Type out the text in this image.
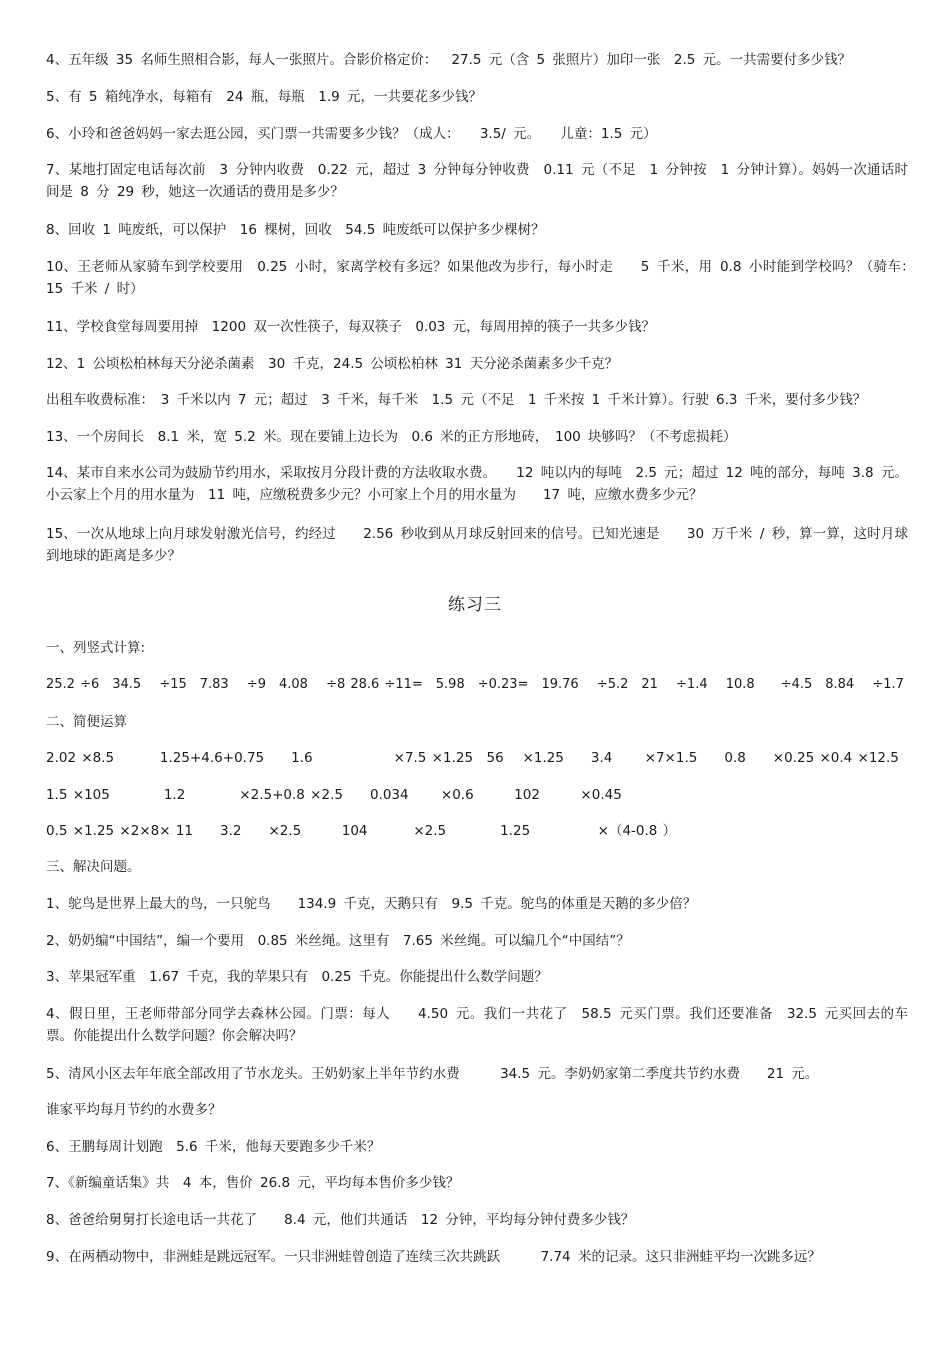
4、五年级 35 名师生照相合影，每人一张照片。合影价格定价：　 27.5 元（含 5 张照片）加印一张　2.5 元。一共需要付多少钱？
5、有 5 箱纯净水，每箱有　24 瓶，每瓶　1.9 元，一共要花多少钱？
6、小玲和爸爸妈妈一家去逛公园，买门票一共需要多少钱？（成人：　　3.5/ 元。　　儿童：1.5 元）
7、某地打固定电话每次前　3 分钟内收费　0.22 元，超过 3 分钟每分钟收费　0.11 元（不足　1 分钟按　1 分钟计算）。妈妈一次通话时间是 8 分 29 秒，她这一次通话的费用是多少？
8、回收 1 吨废纸，可以保护　16 棵树，回收　54.5 吨废纸可以保护多少棵树？
10、王老师从家骑车到学校要用　0.25 小时，家离学校有多远？如果他改为步行，每小时走　　5 千米，用 0.8 小时能到学校吗？（骑车：　15 千米 / 时）
11、学校食堂每周要用掉　1200 双一次性筷子，每双筷子　0.03 元，每周用掉的筷子一共多少钱？
12、1 公顷松柏林每天分泌杀菌素　30 千克，24.5 公顷松柏林 31 天分泌杀菌素多少千克？
出租车收费标准：　3 千米以内 7 元；超过　3 千米，每千米　1.5 元（不足　1 千米按 1 千米计算）。行驶 6.3 千米，要付多少钱？
13、一个房间长　8.1 米，宽 5.2 米。现在要铺上边长为　0.6 米的正方形地砖，　100 块够吗？（不考虑损耗）
14、某市自来水公司为鼓励节约用水，采取按月分段计费的方法收取水费。　　12 吨以内的每吨　2.5 元；超过 12 吨的部分，每吨 3.8 元。小云家上个月的用水量为　11 吨，应缴税费多少元？小可家上个月的用水量为　　17 吨，应缴水费多少元？
15、一次从地球上向月球发射激光信号，约经过　　2.56 秒收到从月球反射回来的信号。已知光速是　　30 万千米 / 秒，算一算，这时月球到地球的距离是多少？
练习三
一、列竖式计算:
25.2 ÷6　34.5　 ÷15　7.83　 ÷9　4.08　 ÷8 28.6 ÷11=　5.98　÷0.23=　19.76　 ÷5.2　21　 ÷1.4　 10.8　　÷4.5　8.84　 ÷1.7
二、简便运算
2.02 ×8.5　　　 1.25+4.6+0.75　　1.6　　　　　　×7.5 ×1.25　56　 ×1.25　　3.4　　 ×7×1.5　　0.8　　×0.25 ×0.4 ×12.5
1.5 ×105　　　　1.2　　　　×2.5+0.8 ×2.5　　0.034　　 ×0.6　　　102　　　×0.45
0.5 ×1.25 ×2×8× 11　　3.2　　×2.5　　　104　　　 ×2.5　　　　1.25　　　　　×（4-0.8 ）
三、解决问题。
1、鸵鸟是世界上最大的鸟，一只鸵鸟　　134.9 千克，天鹅只有　9.5 千克。鸵鸟的体重是天鹅的多少倍？
2、奶奶编“中国结”，编一个要用　0.85 米丝绳。这里有　7.65 米丝绳。可以编几个“中国结”？
3、苹果冠军重　1.67 千克，我的苹果只有　0.25 千克。你能提出什么数学问题？
4、假日里，王老师带部分同学去森林公园。门票：每人　　4.50 元。我们一共花了　58.5 元买门票。我们还要准备　32.5 元买回去的车票。你能提出什么数学问题？你会解决吗？
5、清风小区去年年底全部改用了节水龙头。王奶奶家上半年节约水费　　　34.5 元。李奶奶家第二季度共节约水费　　21 元。
谁家平均每月节约的水费多？
6、王鹏每周计划跑　5.6 千米，他每天要跑多少千米？
7、《新编童话集》共　4 本，售价 26.8 元，平均每本售价多少钱？
8、爸爸给舅舅打长途电话一共花了　　8.4 元，他们共通话　12 分钟，平均每分钟付费多少钱？
9、在两栖动物中，非洲蛙是跳远冠军。一只非洲蛙曾创造了连续三次共跳跃　　　7.74 米的记录。这只非洲蛙平均一次跳多远？
